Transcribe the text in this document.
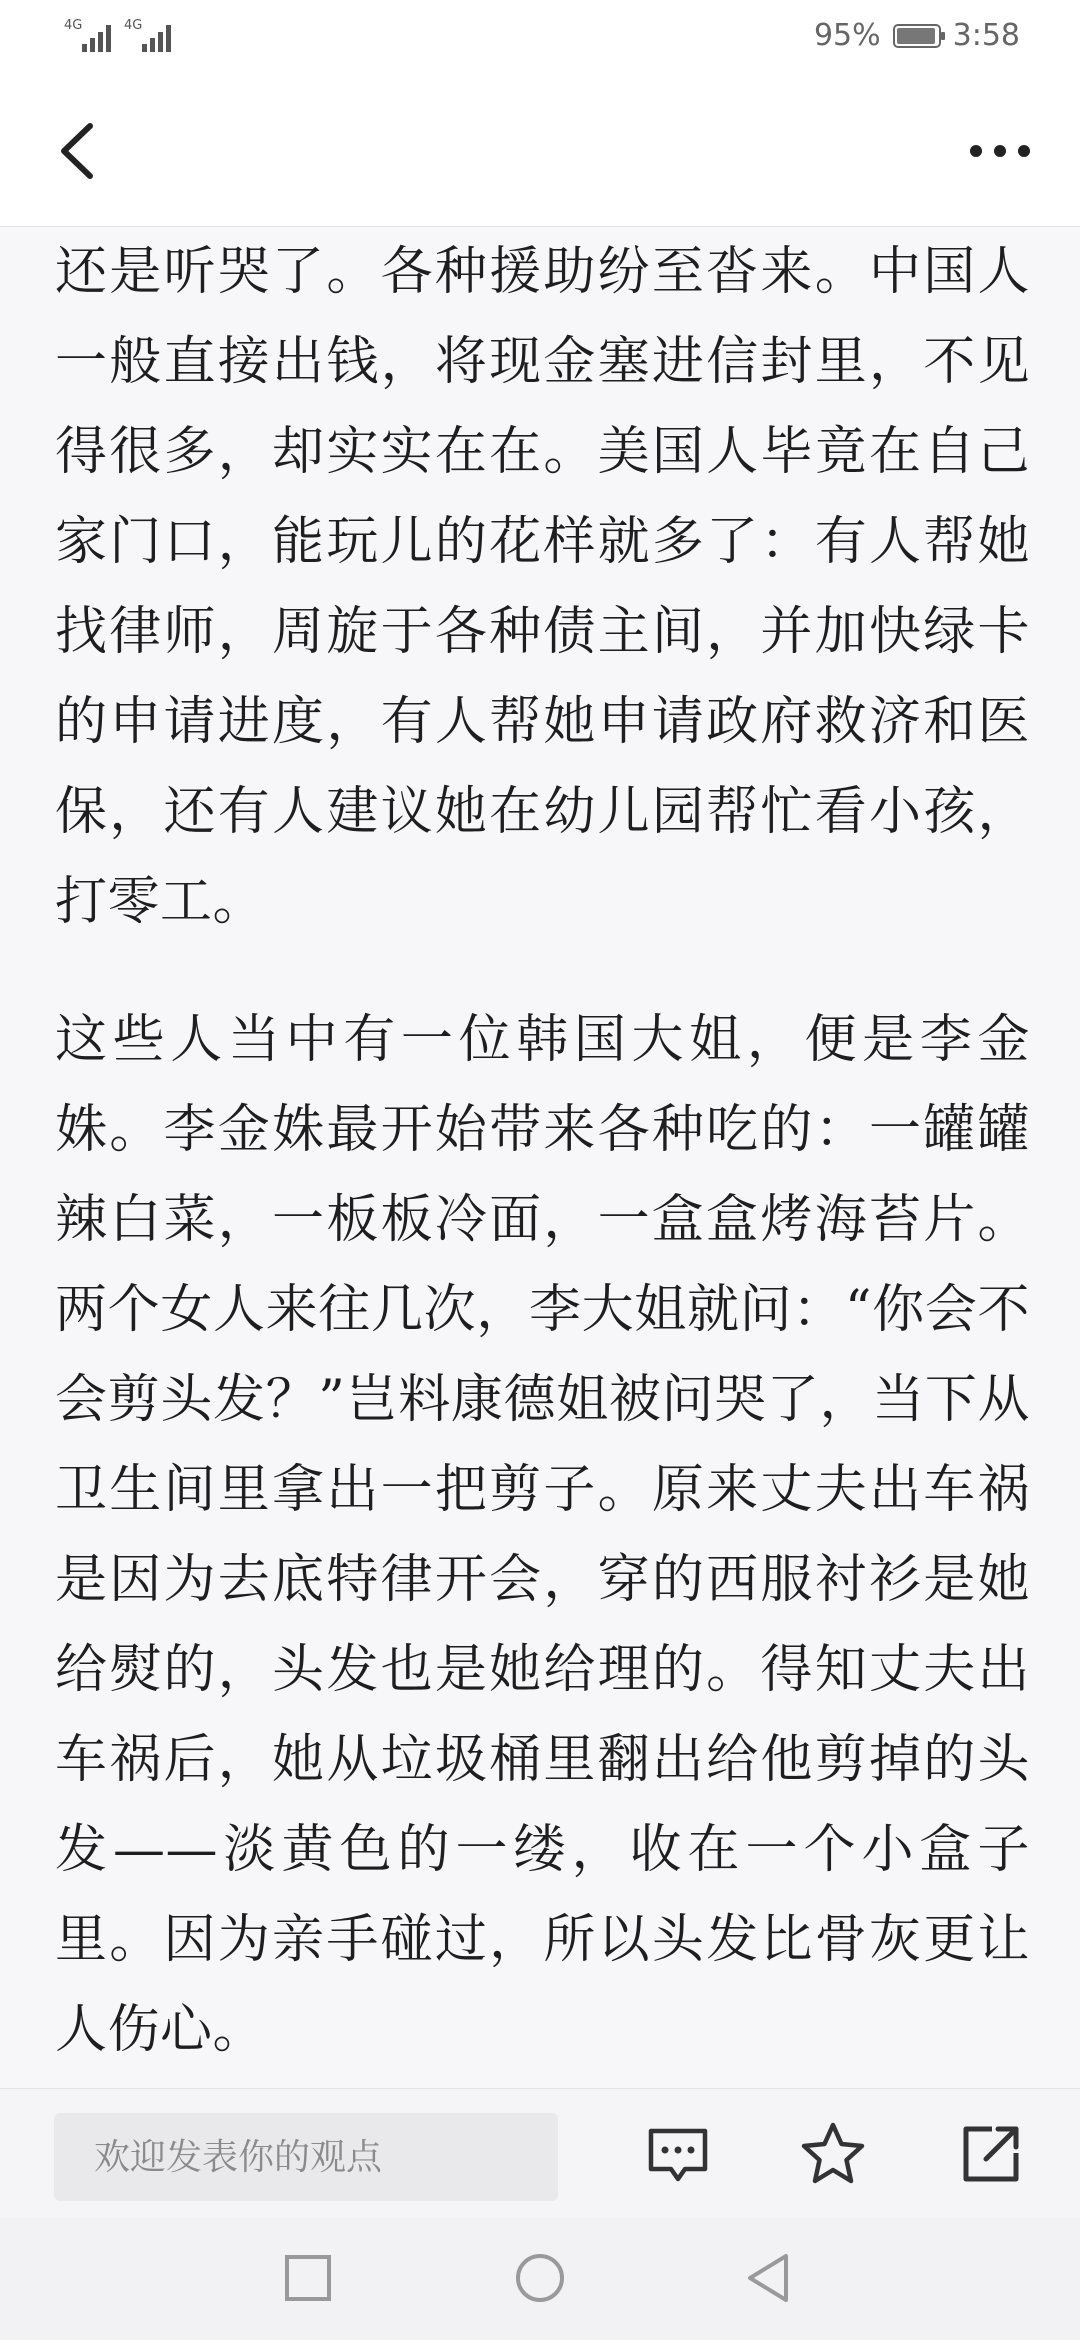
4G	4G	95% 3:58

还是听哭了。各种援助纷至沓来。中国人一般直接出钱，将现金塞进信封里，不见得很多，却实实在在。美国人毕竟在自己家门口，能玩儿的花样就多了：有人帮她找律师，周旋于各种债主间，并加快绿卡的申请进度，有人帮她申请政府救济和医保，还有人建议她在幼儿园帮忙看小孩，打零工。

这些人当中有一位韩国大姐，便是李金姝。李金姝最开始带来各种吃的：一罐罐辣白菜，一板板冷面，一盒盒烤海苔片。两个女人来往几次，李大姐就问：“你会不会剪头发？”岂料康德姐被问哭了，当下从卫生间里拿出一把剪子。原来丈夫出车祸是因为去底特律开会，穿的西服衬衫是她给熨的，头发也是她给理的。得知丈夫出车祸后，她从垃圾桶里翻出给他剪掉的头发——淡黄色的一缕，收在一个小盒子里。因为亲手碰过，所以头发比骨灰更让人伤心。

欢迎发表你的观点
